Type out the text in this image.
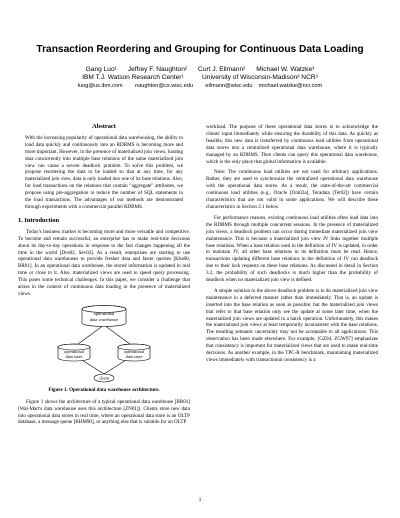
Transaction Reordering and Grouping for Continuous Data Loading
Gang Luo¹      Jeffrey F. Naughton²      Curt J. Ellmann²      Michael W. Watzke³
IBM T.J. Watson Research Center¹          University of Wisconsin-Madison² NCR³
luog@us.ibm.com        naughton@cs.wisc.edu        ellmann@wisc.edu    michael.watzke@ncr.com
Abstract

With the increasing popularity of operational data warehousing, the ability to load data quickly and continuously into an RDBMS is becoming more and more important. However, in the presence of materialized join views, loading data concurrently into multiple base relations of the same materialized join view can cause a severe deadlock problem. To solve this problem, we propose reordering the data to be loaded so that at any time, for any materialized join view, data is only loaded into one of its base relations. Also, for load transactions on the relations that contain "aggregate" attributes, we propose using pre-aggregation to reduce the number of SQL statements in the load transactions. The advantages of our methods are demonstrated through experiments with a commercial parallel RDBMS.

1. Introduction

Today's business market is becoming more and more versatile and competitive. To become and remain successful, an enterprise has to make real-time decisions about its day-to-day operations in response to the fast changes happening all the time in the world [Dce02, Sev03]. As a result, enterprises are starting to use operational data warehouses to provide fresher data and faster queries [Kha00, BR01]. In an operational data warehouse, the stored information is updated in real time or close to it. Also, materialized views are used to speed query processing. This poses some technical challenges. In this paper, we consider a challenge that arises in the context of continuous data loading in the presence of materialized views.

operational
data warehouse
operational
data store
operational
data store
client
Figure 1. Operational data warehouse architecture.

Figure 1 shows the architecture of a typical operational data warehouse [BR01] (Wal-Mart's data warehouse uses this architecture [ZN01]). Clients store new data into operational data stores in real time, where an operational data store is an OLTP database, a message queue [BHM90], or anything else that is suitable for an OLTP

workload. The purpose of these operational data stores is to acknowledge the clients' input immediately while ensuring the durability of this data. As quickly as feasible, this new data is transferred by continuous load utilities from operational data stores into a centralized operational data warehouse, where it is typically managed by an RDBMS. Then clients can query this operational data warehouse, which is the only place that global information is available.

Note: The continuous load utilities are not used for arbitrary applications. Rather, they are used to synchronize the centralized operational data warehouse with the operational data stores. As a result, the state-of-the-art commercial continuous load utilities (e.g., Oracle [Ora02a], Teradata [Tet02]) have certain characteristics that are not valid in some applications. We will describe these characteristics in Section 2.1 below.

For performance reasons, existing continuous load utilities often load data into the RDBMS through multiple concurrent sessions. In the presence of materialized join views, a deadlock problem can occur during immediate materialized join view maintenance. This is because a materialized join view JV links together multiple base relations. When a base relation used in the definition of JV is updated, in order to maintain JV, all other base relations in its definition must be read. Hence, transactions updating different base relations in the definition of JV can deadlock due to their lock requests on these base relations. As discussed in detail in Section 3.2, the probability of such deadlocks is much higher than the probability of deadlock when no materialized join view is defined.

A simple solution to the above deadlock problem is to do materialized join view maintenance in a deferred manner rather than immediately. That is, an update is inserted into the base relation as soon as possible; but the materialized join views that refer to that base relation only see the update at some later time, when the materialized join views are updated in a batch operation. Unfortunately, this makes the materialized join views at least temporarily inconsistent with the base relations. The resulting semantic uncertainty may not be acceptable to all applications. This observation has been made elsewhere. For example, [GZ04, ZGW97] emphasizes that consistency is important for materialized views that are used to make real-time decisions. As another example, in the TPC-R benchmark, maintaining materialized views immediately with transactional consistency is a

1
